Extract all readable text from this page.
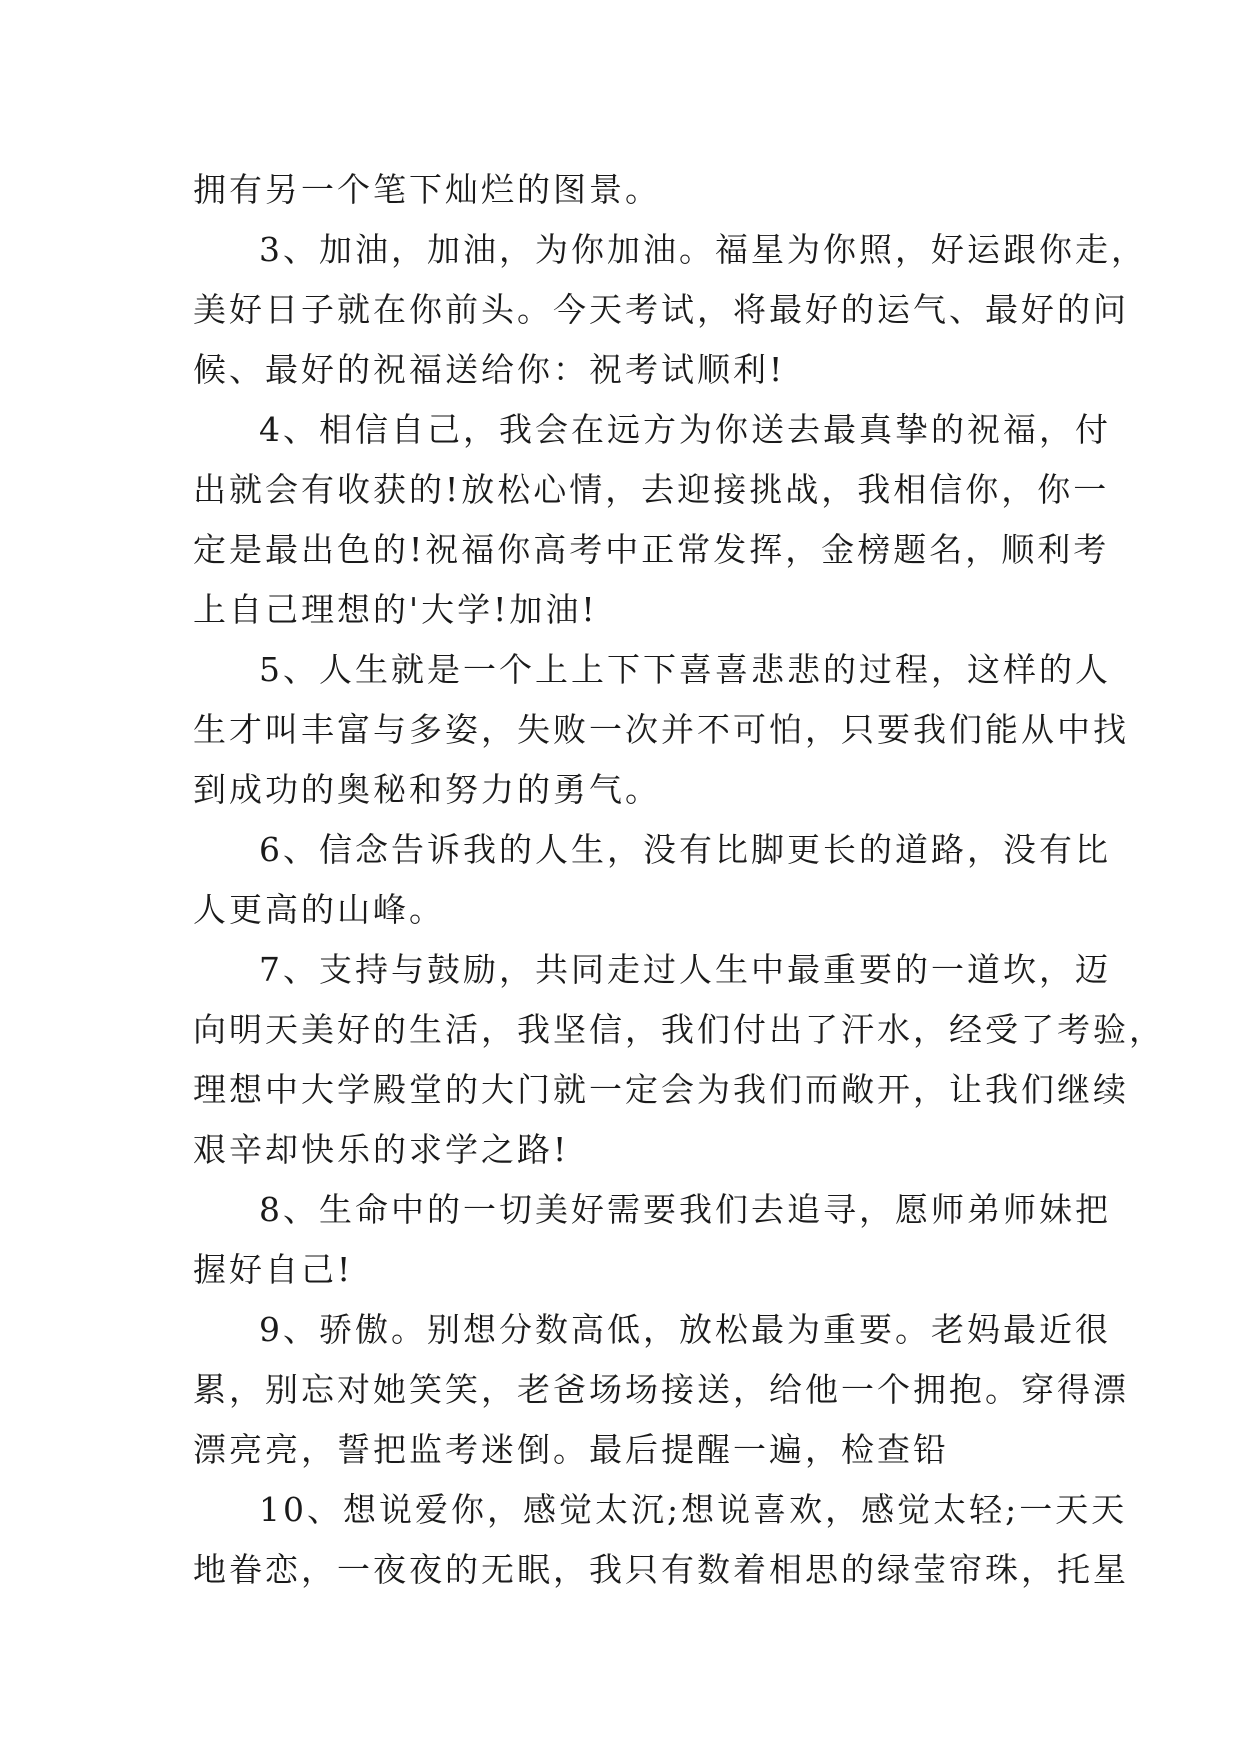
拥有另一个笔下灿烂的图景。
3、加油，加油，为你加油。福星为你照，好运跟你走，
美好日子就在你前头。今天考试，将最好的运气、最好的问
候、最好的祝福送给你：祝考试顺利!
4、相信自己，我会在远方为你送去最真挚的祝福，付
出就会有收获的!放松心情，去迎接挑战，我相信你，你一
定是最出色的!祝福你高考中正常发挥，金榜题名，顺利考
上自己理想的'大学!加油!
5、人生就是一个上上下下喜喜悲悲的过程，这样的人
生才叫丰富与多姿，失败一次并不可怕，只要我们能从中找
到成功的奥秘和努力的勇气。
6、信念告诉我的人生，没有比脚更长的道路，没有比
人更高的山峰。
7、支持与鼓励，共同走过人生中最重要的一道坎，迈
向明天美好的生活，我坚信，我们付出了汗水，经受了考验，
理想中大学殿堂的大门就一定会为我们而敞开，让我们继续
艰辛却快乐的求学之路!
8、生命中的一切美好需要我们去追寻，愿师弟师妹把
握好自己!
9、骄傲。别想分数高低，放松最为重要。老妈最近很
累，别忘对她笑笑，老爸场场接送，给他一个拥抱。穿得漂
漂亮亮，誓把监考迷倒。最后提醒一遍，检查铅
10、想说爱你，感觉太沉;想说喜欢，感觉太轻;一天天
地眷恋，一夜夜的无眠，我只有数着相思的绿莹帘珠，托星
